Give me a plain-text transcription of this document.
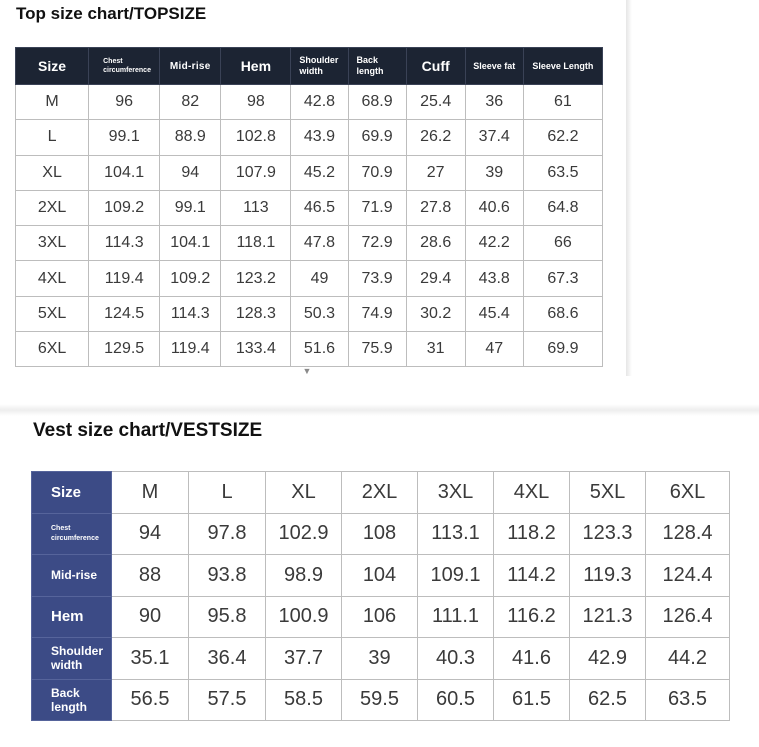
Top size chart/TOPSIZE
Size	Chest circumference	Mid-rise	Hem	Shoulder width	Back length	Cuff	Sleeve fat	Sleeve Length
M	96	82	98	42.8	68.9	25.4	36	61
L	99.1	88.9	102.8	43.9	69.9	26.2	37.4	62.2
XL	104.1	94	107.9	45.2	70.9	27	39	63.5
2XL	109.2	99.1	113	46.5	71.9	27.8	40.6	64.8
3XL	114.3	104.1	118.1	47.8	72.9	28.6	42.2	66
4XL	119.4	109.2	123.2	49	73.9	29.4	43.8	67.3
5XL	124.5	114.3	128.3	50.3	74.9	30.2	45.4	68.6
6XL	129.5	119.4	133.4	51.6	75.9	31	47	69.9
▼
Vest size chart/VESTSIZE
Size	M	L	XL	2XL	3XL	4XL	5XL	6XL
Chest circumference	94	97.8	102.9	108	113.1	118.2	123.3	128.4
Mid-rise	88	93.8	98.9	104	109.1	114.2	119.3	124.4
Hem	90	95.8	100.9	106	111.1	116.2	121.3	126.4
Shoulder width	35.1	36.4	37.7	39	40.3	41.6	42.9	44.2
Back length	56.5	57.5	58.5	59.5	60.5	61.5	62.5	63.5
